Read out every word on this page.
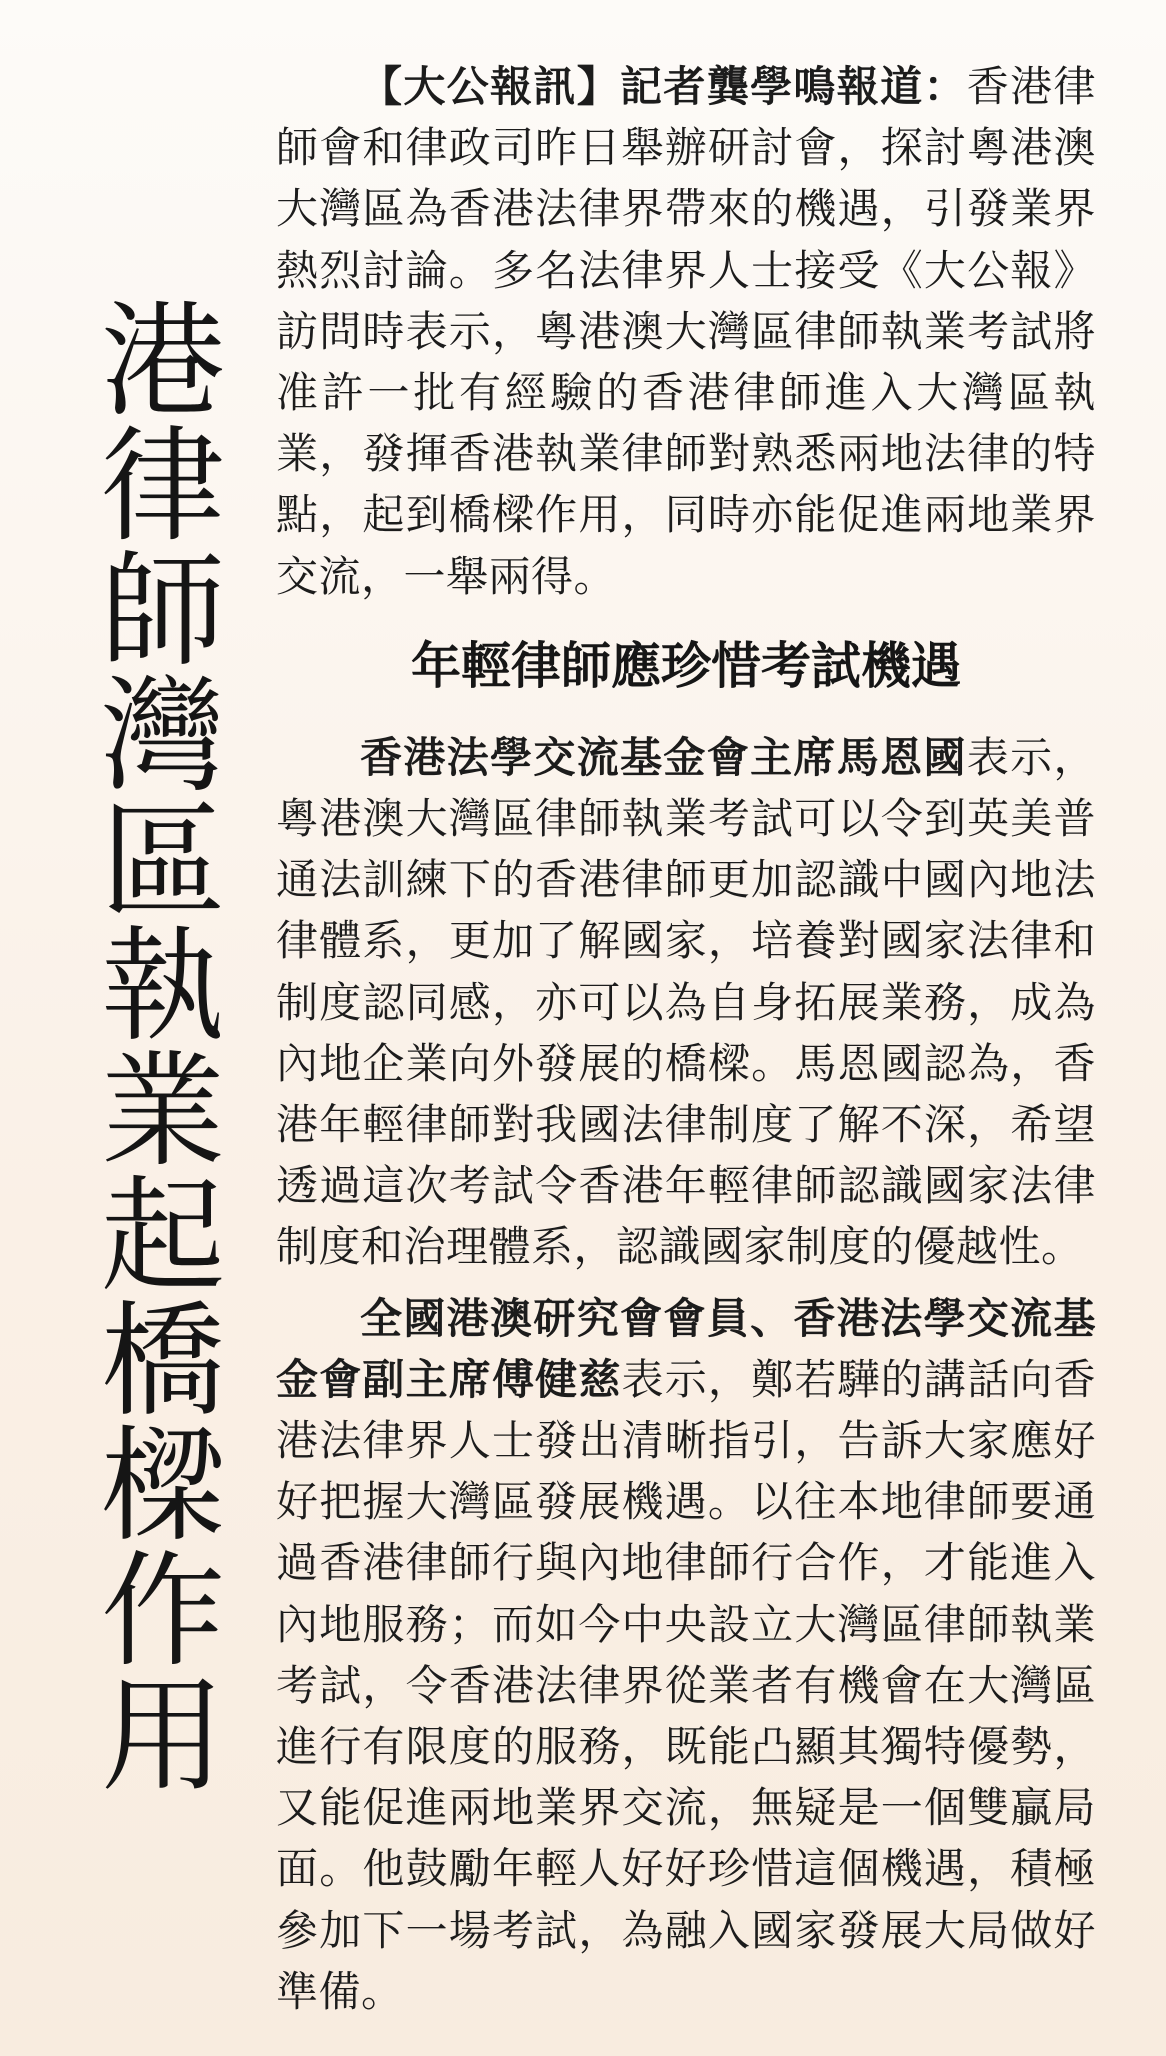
港
律
師
灣
區
執
業
起
橋
樑
作
用

【大公報訊】記者龔學鳴報道：香港律師會和律政司昨日舉辦研討會，探討粵港澳大灣區為香港法律界帶來的機遇，引發業界熱烈討論。多名法律界人士接受《大公報》訪問時表示，粵港澳大灣區律師執業考試將准許一批有經驗的香港律師進入大灣區執業，發揮香港執業律師對熟悉兩地法律的特點，起到橋樑作用，同時亦能促進兩地業界交流，一舉兩得。

年輕律師應珍惜考試機遇

香港法學交流基金會主席馬恩國表示，粵港澳大灣區律師執業考試可以令到英美普通法訓練下的香港律師更加認識中國內地法律體系，更加了解國家，培養對國家法律和制度認同感，亦可以為自身拓展業務，成為內地企業向外發展的橋樑。馬恩國認為，香港年輕律師對我國法律制度了解不深，希望透過這次考試令香港年輕律師認識國家法律制度和治理體系，認識國家制度的優越性。

全國港澳研究會會員、香港法學交流基金會副主席傅健慈表示，鄭若驊的講話向香港法律界人士發出清晰指引，告訴大家應好好把握大灣區發展機遇。以往本地律師要通過香港律師行與內地律師行合作，才能進入內地服務；而如今中央設立大灣區律師執業考試，令香港法律界從業者有機會在大灣區進行有限度的服務，既能凸顯其獨特優勢，又能促進兩地業界交流，無疑是一個雙贏局面。他鼓勵年輕人好好珍惜這個機遇，積極參加下一場考試，為融入國家發展大局做好準備。
